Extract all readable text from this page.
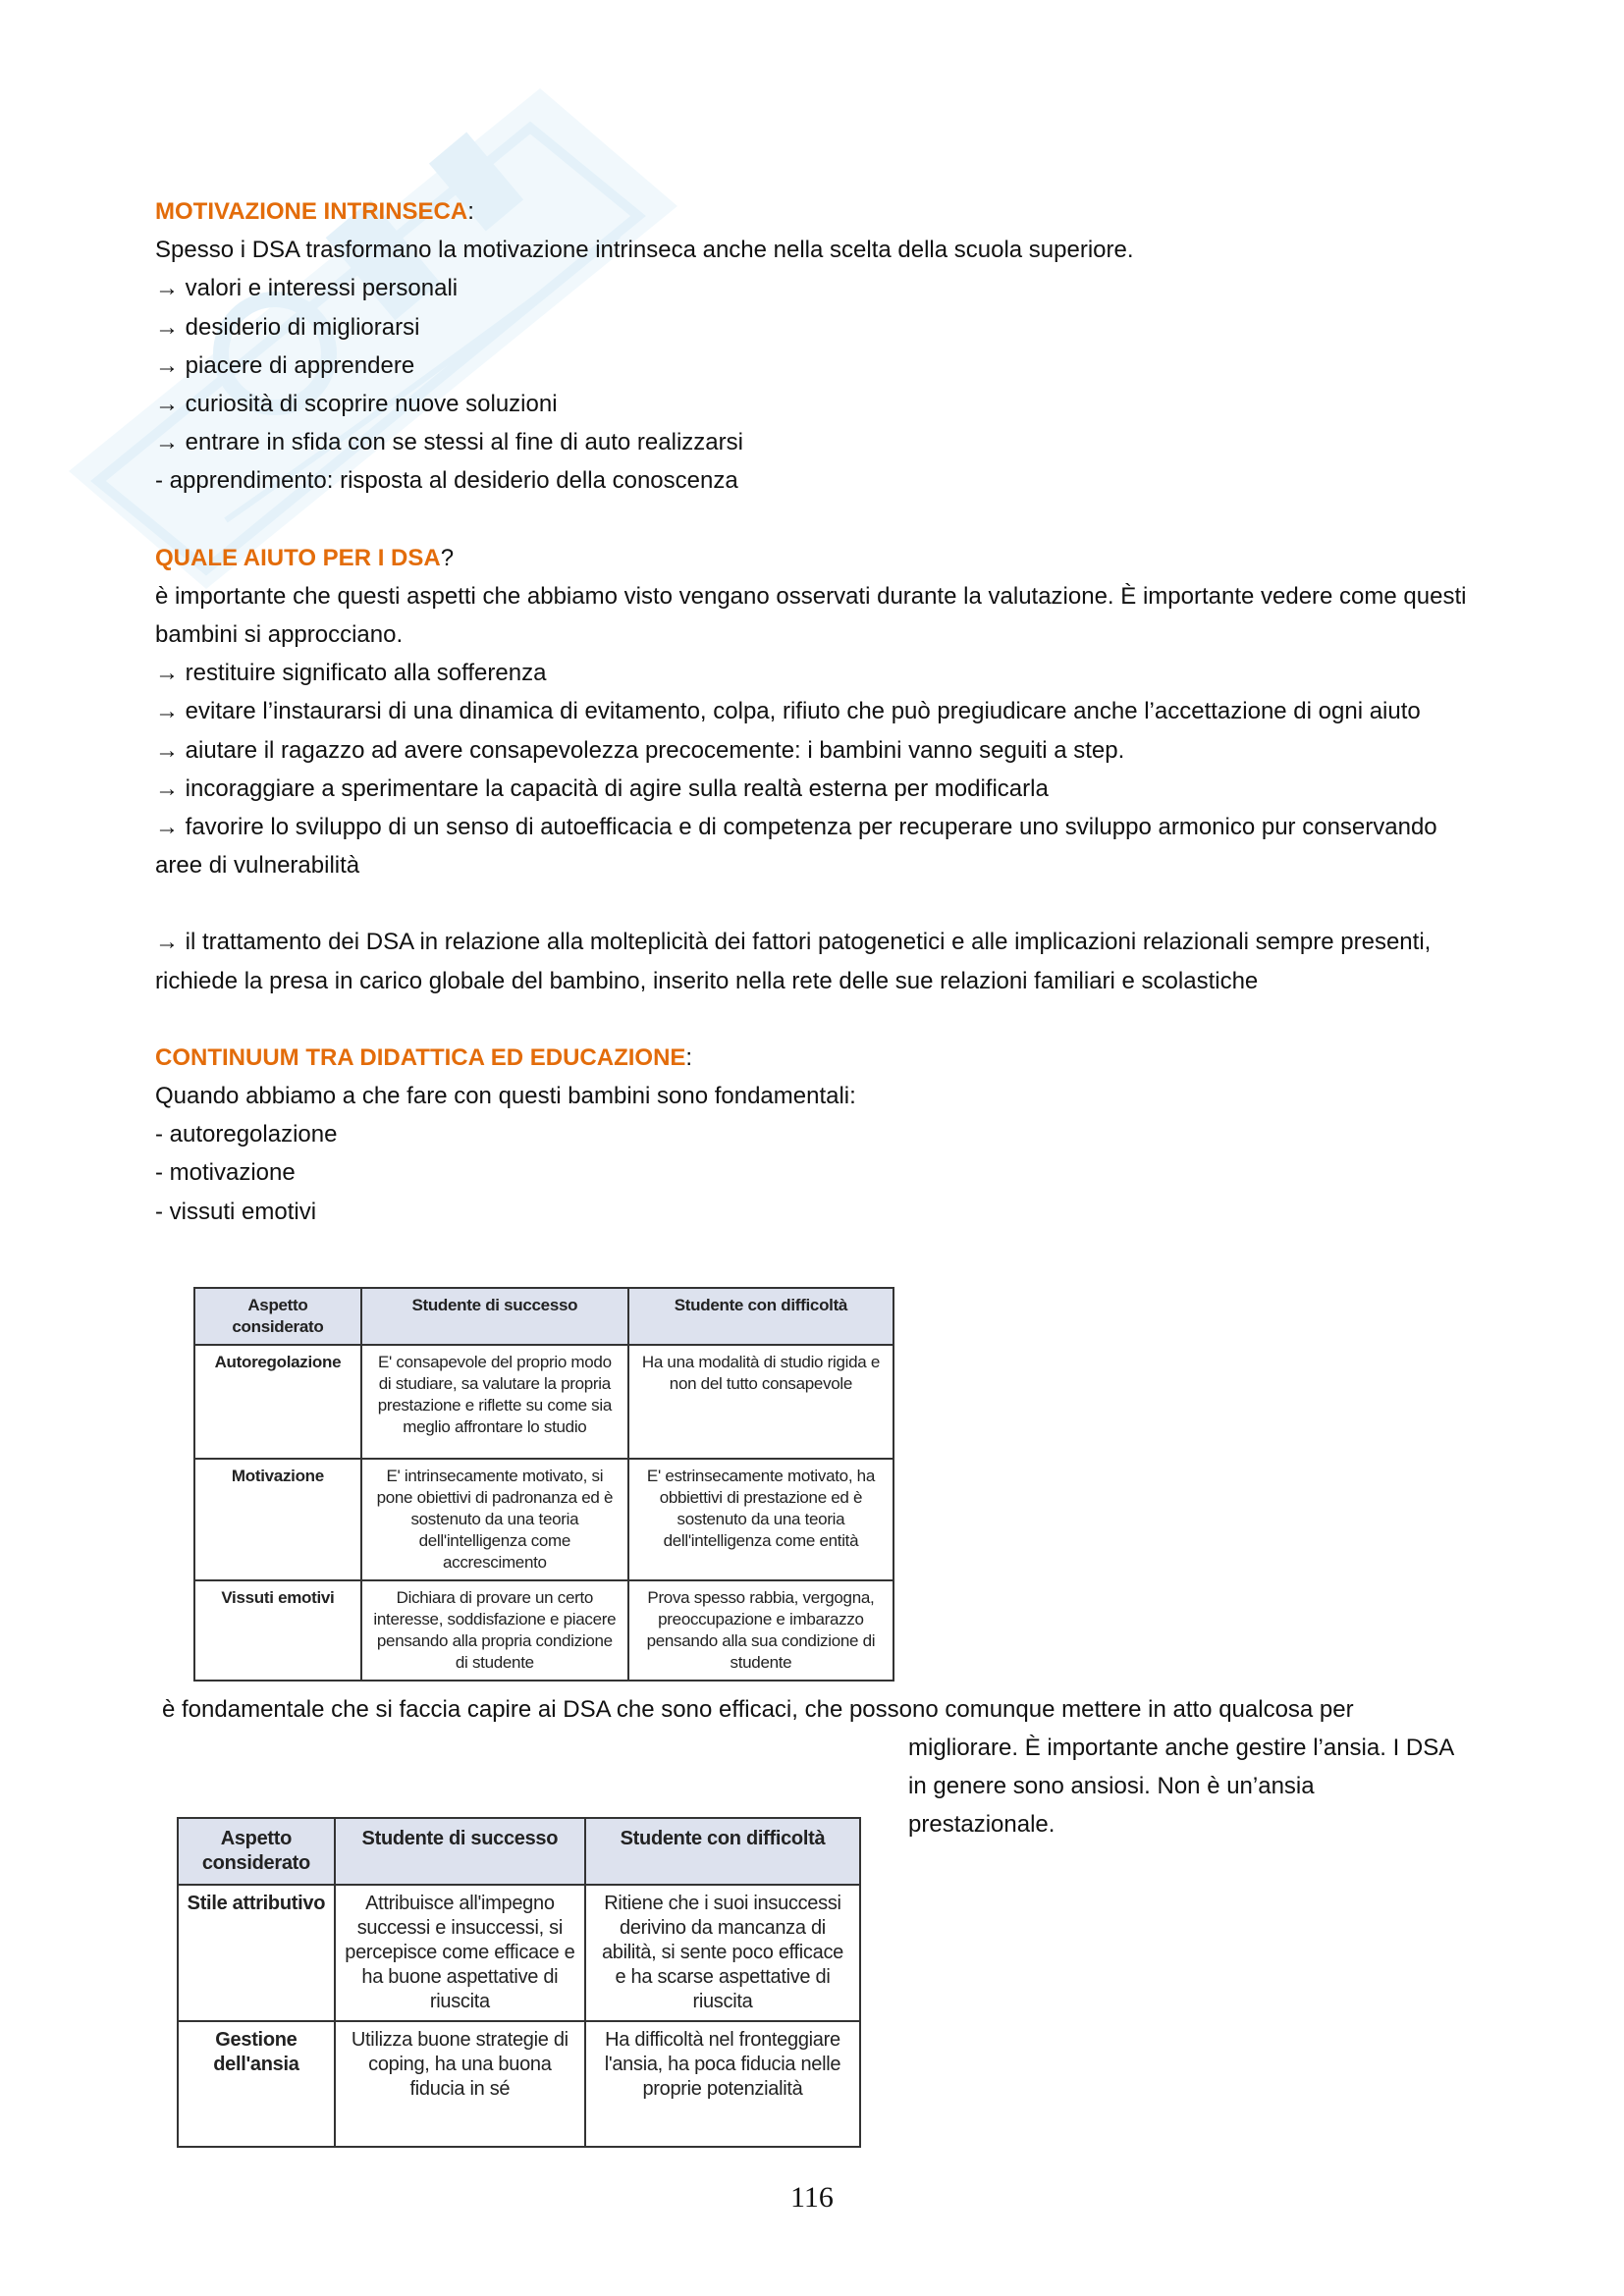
MOTIVAZIONE INTRINSECA:
Spesso i DSA trasformano la motivazione intrinseca anche nella scelta della scuola superiore.
→ valori e interessi personali
→ desiderio di migliorarsi
→ piacere di apprendere
→ curiosità di scoprire nuove soluzioni
→ entrare in sfida con se stessi al fine di auto realizzarsi
- apprendimento: risposta al desiderio della conoscenza
QUALE AIUTO PER I DSA?
è importante che questi aspetti che abbiamo visto vengano osservati durante la valutazione. È importante vedere come questi bambini si approcciano.
→ restituire significato alla sofferenza
→ evitare l’instaurarsi di una dinamica di evitamento, colpa, rifiuto che può pregiudicare anche l’accettazione di ogni aiuto
→ aiutare il ragazzo ad avere consapevolezza precocemente: i bambini vanno seguiti a step.
→ incoraggiare a sperimentare la capacità di agire sulla realtà esterna per modificarla
→ favorire lo sviluppo di un senso di autoefficacia e di competenza per recuperare uno sviluppo armonico pur conservando aree di vulnerabilità
→ il trattamento dei DSA in relazione alla molteplicità dei fattori patogenetici e alle implicazioni relazionali sempre presenti, richiede la presa in carico globale del bambino, inserito nella rete delle sue relazioni familiari e scolastiche
CONTINUUM TRA DIDATTICA ED EDUCAZIONE:
Quando abbiamo a che fare con questi bambini sono fondamentali:
- autoregolazione
- motivazione
- vissuti emotivi
Aspetto considerato	Studente di successo	Studente con difficoltà
Autoregolazione	E' consapevole del proprio modo di studiare, sa valutare la propria prestazione e riflette su come sia meglio affrontare lo studio	Ha una modalità di studio rigida e non del tutto consapevole
Motivazione	E' intrinsecamente motivato, si pone obiettivi di padronanza ed è sostenuto da una teoria dell'intelligenza come accrescimento	E' estrinsecamente motivato, ha obbiettivi di prestazione ed è sostenuto da una teoria dell'intelligenza come entità
Vissuti emotivi	Dichiara di provare un certo interesse, soddisfazione e piacere pensando alla propria condizione di studente	Prova spesso rabbia, vergogna, preoccupazione e imbarazzo pensando alla sua condizione di studente
è fondamentale che si faccia capire ai DSA che sono efficaci, che possono comunque mettere in atto qualcosa per
migliorare. È importante anche gestire l’ansia. I DSA in genere sono ansiosi. Non è un’ansia prestazionale.
Aspetto considerato	Studente di successo	Studente con difficoltà
Stile attributivo	Attribuisce all'impegno successi e insuccessi, si percepisce come efficace e ha buone aspettative di riuscita	Ritiene che i suoi insuccessi derivino da mancanza di abilità, si sente poco efficace e ha scarse aspettative di riuscita
Gestione dell'ansia	Utilizza buone strategie di coping, ha una buona fiducia in sé	Ha difficoltà nel fronteggiare l'ansia, ha poca fiducia nelle proprie potenzialità
116
